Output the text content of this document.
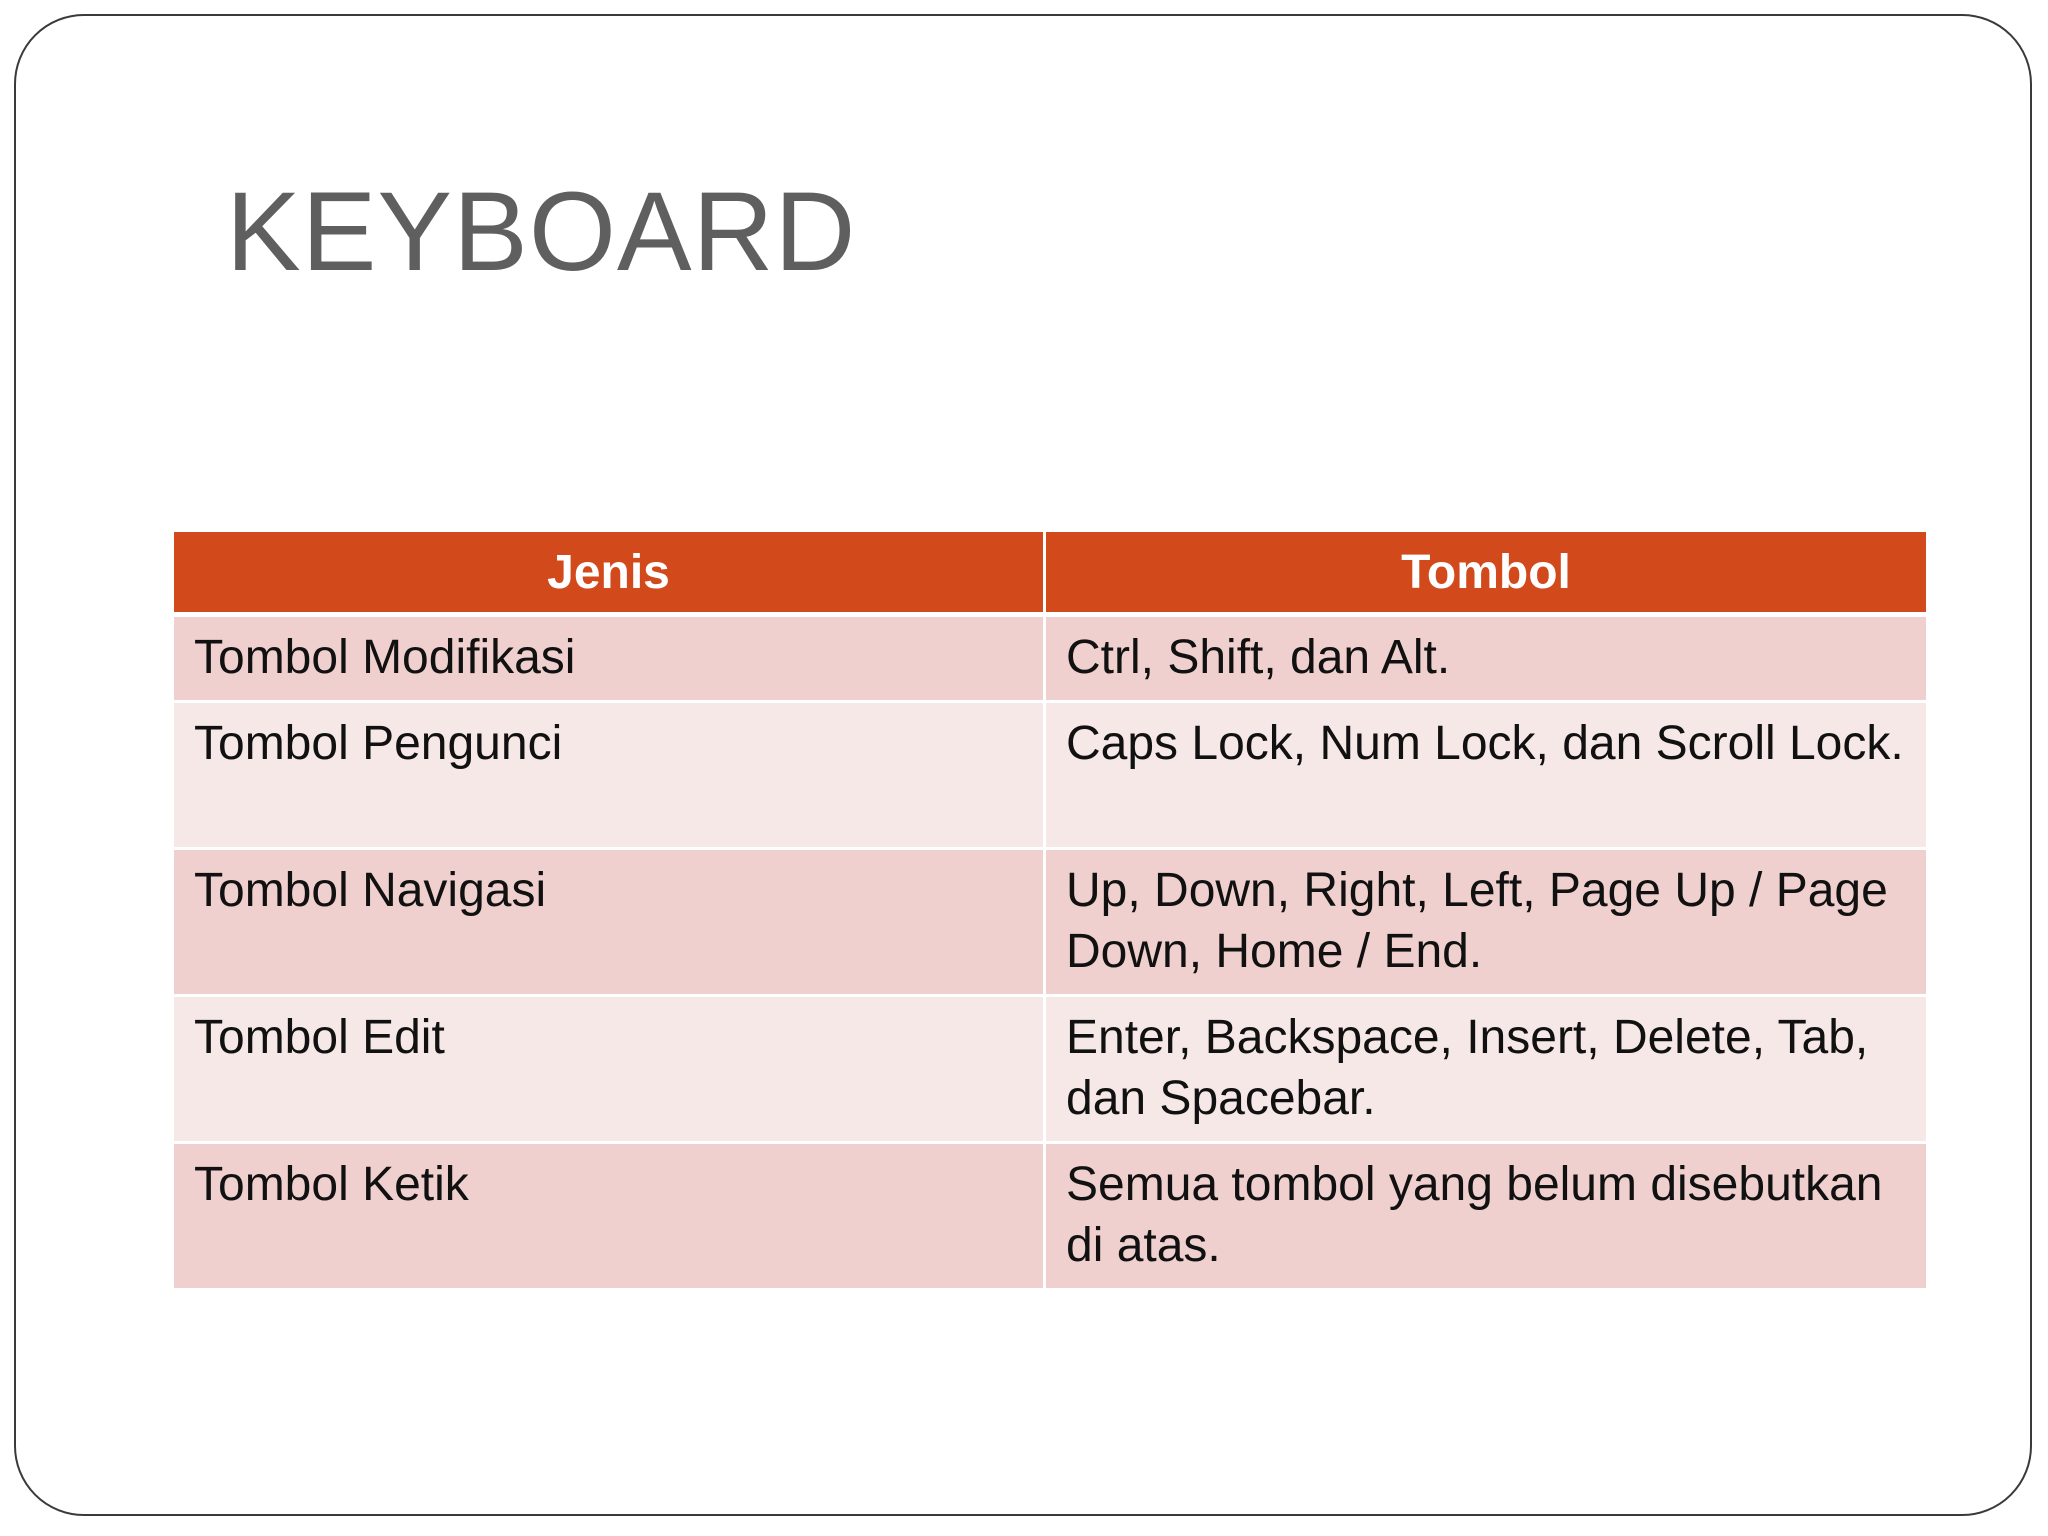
KEYBOARD
Jenis	Tombol
Tombol Modifikasi	Ctrl, Shift, dan Alt.
Tombol Pengunci	Caps Lock, Num Lock, dan Scroll Lock.
Tombol Navigasi	Up, Down, Right, Left, Page Up / Page Down, Home / End.
Tombol Edit	Enter, Backspace, Insert, Delete, Tab, dan Spacebar.
Tombol Ketik	Semua tombol yang belum disebutkan di atas.
